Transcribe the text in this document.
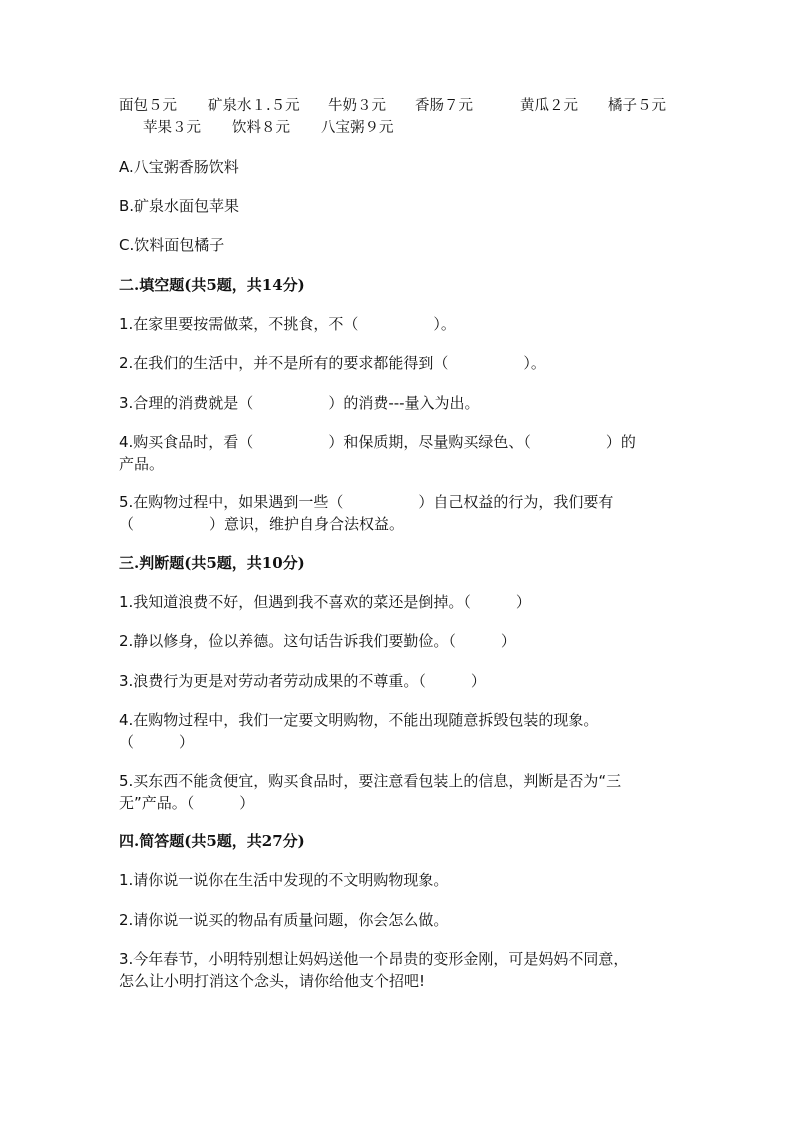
面包５元 矿泉水１.５元 牛奶３元 香肠７元	黄瓜２元 橘子５元
苹果３元 饮料８元 八宝粥９元
A.八宝粥香肠饮料
B.矿泉水面包苹果
C.饮料面包橘子
二.填空题(共5题，共14分)
1.在家里要按需做菜，不挑食，不（　　　　　）。
2.在我们的生活中，并不是所有的要求都能得到（　　　　　）。
3.合理的消费就是（　　　　　）的消费---量入为出。
4.购买食品时，看（　　　　　）和保质期，尽量购买绿色、（　　　　　）的
产品。
5.在购物过程中，如果遇到一些（　　　　　）自己权益的行为，我们要有
（　　　　　）意识，维护自身合法权益。
三.判断题(共5题，共10分)
1.我知道浪费不好，但遇到我不喜欢的菜还是倒掉。（　　　）
2.静以修身，俭以养德。这句话告诉我们要勤俭。（　　　）
3.浪费行为更是对劳动者劳动成果的不尊重。（　　　）
4.在购物过程中，我们一定要文明购物，不能出现随意拆毁包装的现象。
（　　　）
5.买东西不能贪便宜，购买食品时，要注意看包装上的信息，判断是否为“三
无”产品。（　　　）
四.简答题(共5题，共27分)
1.请你说一说你在生活中发现的不文明购物现象。
2.请你说一说买的物品有质量问题，你会怎么做。
3.今年春节，小明特别想让妈妈送他一个昂贵的变形金刚，可是妈妈不同意，
怎么让小明打消这个念头，请你给他支个招吧!
